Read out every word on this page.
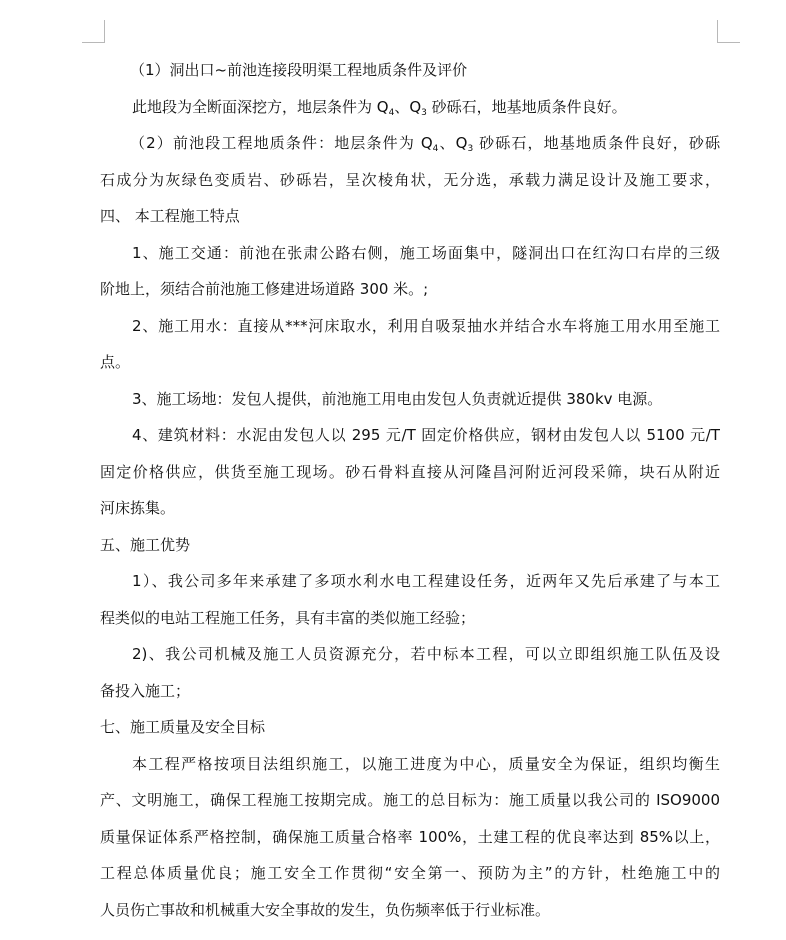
（1）洞出口~前池连接段明渠工程地质条件及评价
此地段为全断面深挖方，地层条件为 $Q_4$、$Q_3$ 砂砾石，地基地质条件良好。
（2）前池段工程地质条件：地层条件为 $Q_4$、$Q_3$ 砂砾石，地基地质条件良好，砂砾
石成分为灰绿色变质岩、砂砾岩，呈次棱角状，无分选，承载力满足设计及施工要求，
四、 本工程施工特点
1、施工交通：前池在张肃公路右侧，施工场面集中，隧洞出口在红沟口右岸的三级
阶地上，须结合前池施工修建进场道路 300 米。;
2、施工用水：直接从***河床取水，利用自吸泵抽水并结合水车将施工用水用至施工
点。
3、施工场地：发包人提供，前池施工用电由发包人负责就近提供 380kv 电源。
4、建筑材料：水泥由发包人以 295 元/T 固定价格供应，钢材由发包人以 5100 元/T
固定价格供应，供货至施工现场。砂石骨料直接从河隆昌河附近河段采筛，块石从附近
河床拣集。
五、施工优势
1）、我公司多年来承建了多项水利水电工程建设任务，近两年又先后承建了与本工
程类似的电站工程施工任务，具有丰富的类似施工经验；
2)、我公司机械及施工人员资源充分，若中标本工程，可以立即组织施工队伍及设
备投入施工；
七、施工质量及安全目标
本工程严格按项目法组织施工，以施工进度为中心，质量安全为保证，组织均衡生
产、文明施工，确保工程施工按期完成。施工的总目标为：施工质量以我公司的 ISO9000
质量保证体系严格控制，确保施工质量合格率 100%，土建工程的优良率达到 85%以上，
工程总体质量优良；施工安全工作贯彻“安全第一、预防为主”的方针，杜绝施工中的
人员伤亡事故和机械重大安全事故的发生，负伤频率低于行业标准。
